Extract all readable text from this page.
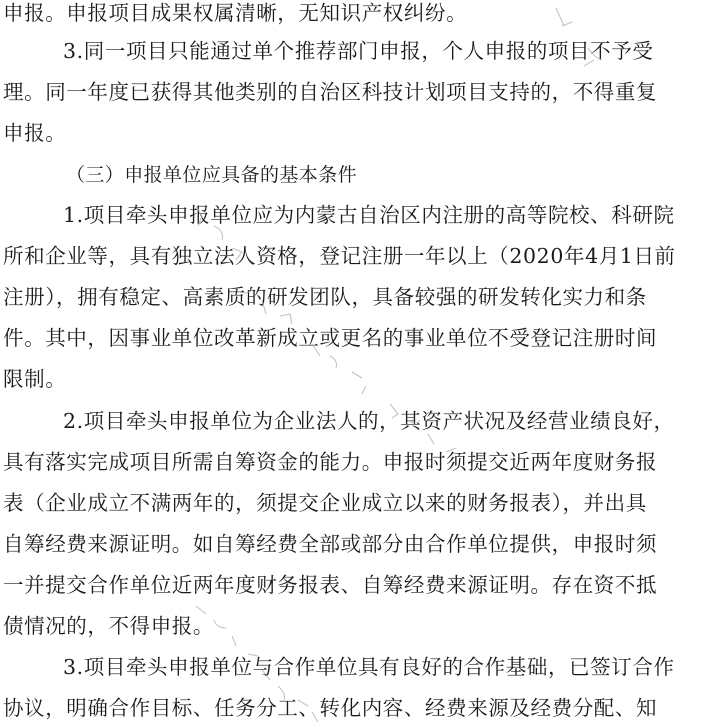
申报。申报项目成果权属清晰，无知识产权纠纷。
3.同一项目只能通过单个推荐部门申报，个人申报的项目不予受
理。同一年度已获得其他类别的自治区科技计划项目支持的，不得重复
申报。
（三）申报单位应具备的基本条件
1.项目牵头申报单位应为内蒙古自治区内注册的高等院校、科研院
所和企业等，具有独立法人资格，登记注册一年以上（2020年4月1日前
注册），拥有稳定、高素质的研发团队，具备较强的研发转化实力和条
件。其中，因事业单位改革新成立或更名的事业单位不受登记注册时间
限制。
2.项目牵头申报单位为企业法人的，其资产状况及经营业绩良好，
具有落实完成项目所需自筹资金的能力。申报时须提交近两年度财务报
表（企业成立不满两年的，须提交企业成立以来的财务报表），并出具
自筹经费来源证明。如自筹经费全部或部分由合作单位提供，申报时须
一并提交合作单位近两年度财务报表、自筹经费来源证明。存在资不抵
债情况的，不得申报。
3.项目牵头申报单位与合作单位具有良好的合作基础，已签订合作
协议，明确合作目标、任务分工、转化内容、经费来源及经费分配、知
